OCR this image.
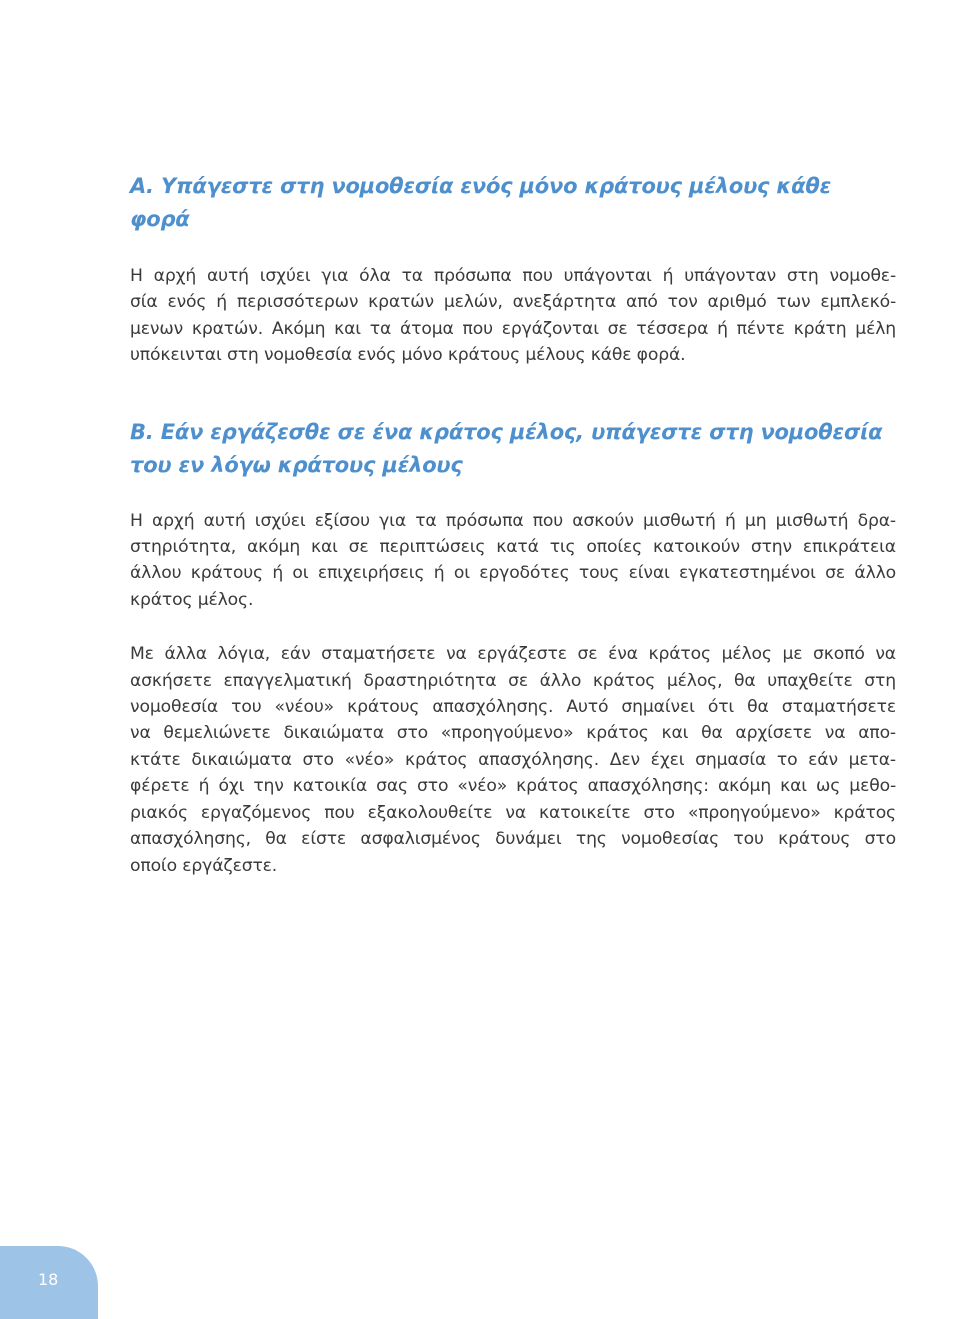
Α. Υπάγεστε στη νομοθεσία ενός μόνο κράτους μέλους κάθε φορά

Η αρχή αυτή ισχύει για όλα τα πρόσωπα που υπάγονται ή υπάγονταν στη νομοθε-
σία ενός ή περισσότερων κρατών μελών, ανεξάρτητα από τον αριθμό των εμπλεκό-
μενων κρατών. Ακόμη και τα άτομα που εργάζονται σε τέσσερα ή πέντε κράτη μέλη
υπόκεινται στη νομοθεσία ενός μόνο κράτους μέλους κάθε φορά.

Β. Εάν εργάζεσθε σε ένα κράτος μέλος, υπάγεστε στη νομοθεσία
του εν λόγω κράτους μέλους

Η αρχή αυτή ισχύει εξίσου για τα πρόσωπα που ασκούν μισθωτή ή μη μισθωτή δρα-
στηριότητα, ακόμη και σε περιπτώσεις κατά τις οποίες κατοικούν στην επικράτεια
άλλου κράτους ή οι επιχειρήσεις ή οι εργοδότες τους είναι εγκατεστημένοι σε άλλο
κράτος μέλος.

Με άλλα λόγια, εάν σταματήσετε να εργάζεστε σε ένα κράτος μέλος με σκοπό να
ασκήσετε επαγγελματική δραστηριότητα σε άλλο κράτος μέλος, θα υπαχθείτε στη
νομοθεσία του «νέου» κράτους απασχόλησης. Αυτό σημαίνει ότι θα σταματήσετε
να θεμελιώνετε δικαιώματα στο «προηγούμενο» κράτος και θα αρχίσετε να απο-
κτάτε δικαιώματα στο «νέο» κράτος απασχόλησης. Δεν έχει σημασία το εάν μετα-
φέρετε ή όχι την κατοικία σας στο «νέο» κράτος απασχόλησης: ακόμη και ως μεθο-
ριακός εργαζόμενος που εξακολουθείτε να κατοικείτε στο «προηγούμενο» κράτος
απασχόλησης, θα είστε ασφαλισμένος δυνάμει της νομοθεσίας του κράτους στο
οποίο εργάζεστε.

18
